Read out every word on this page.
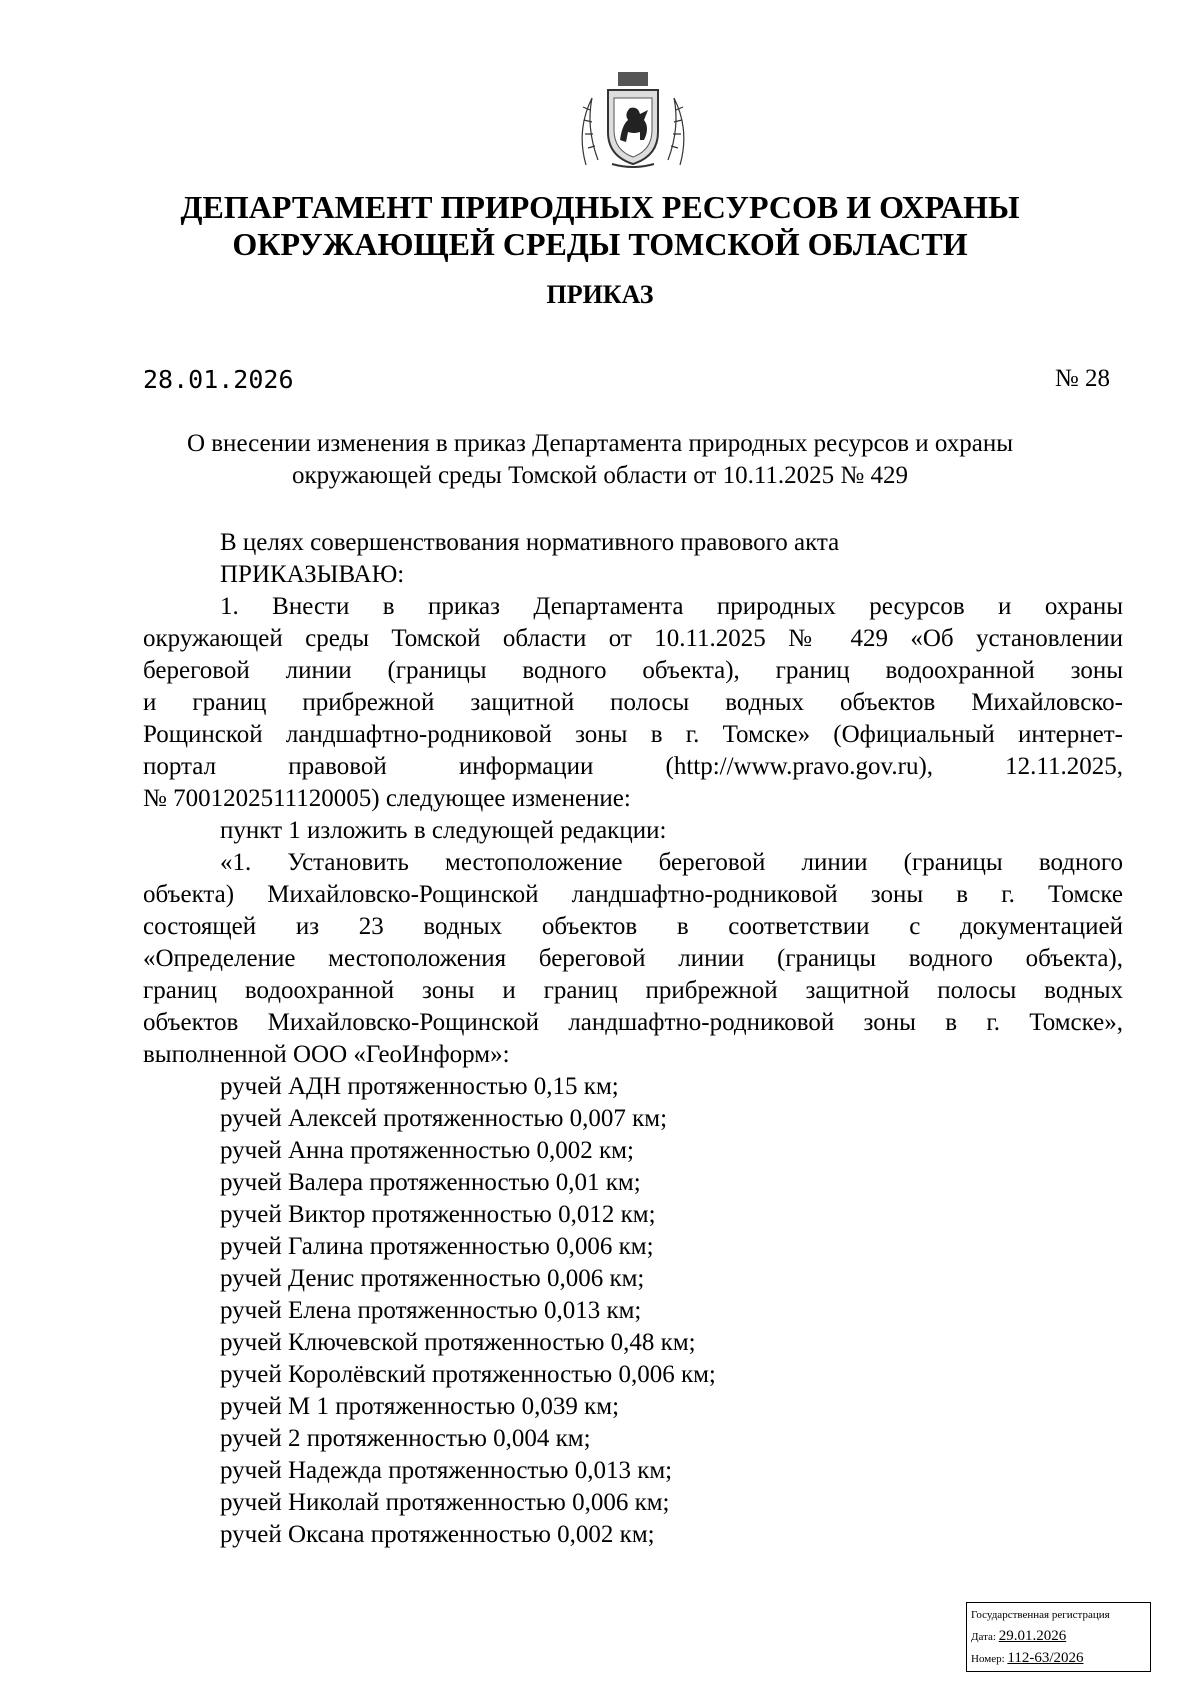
ДЕПАРТАМЕНТ ПРИРОДНЫХ РЕСУРСОВ И ОХРАНЫ
ОКРУЖАЮЩЕЙ СРЕДЫ ТОМСКОЙ ОБЛАСТИ
ПРИКАЗ
28.01.2026	№ 28
О внесении изменения в приказ Департамента природных ресурсов и охраны
окружающей среды Томской области от 10.11.2025 № 429
В целях совершенствования нормативного правового акта
ПРИКАЗЫВАЮ:
1. Внести в приказ Департамента природных ресурсов и охраны
окружающей среды Томской области от 10.11.2025 № 429 «Об установлении
береговой линии (границы водного объекта), границ водоохранной зоны
и границ прибрежной защитной полосы водных объектов Михайловско-
Рощинской ландшафтно-родниковой зоны в г. Томске» (Официальный интернет-
портал правовой информации (http://www.pravo.gov.ru), 12.11.2025,
№ 7001202511120005) следующее изменение:
пункт 1 изложить в следующей редакции:
«1. Установить местоположение береговой линии (границы водного
объекта) Михайловско-Рощинской ландшафтно-родниковой зоны в г. Томске
состоящей из 23 водных объектов в соответствии с документацией
«Определение местоположения береговой линии (границы водного объекта),
границ водоохранной зоны и границ прибрежной защитной полосы водных
объектов Михайловско-Рощинской ландшафтно-родниковой зоны в г. Томске»,
выполненной ООО «ГеоИнформ»:
ручей АДН протяженностью 0,15 км;
ручей Алексей протяженностью 0,007 км;
ручей Анна протяженностью 0,002 км;
ручей Валера протяженностью 0,01 км;
ручей Виктор протяженностью 0,012 км;
ручей Галина протяженностью 0,006 км;
ручей Денис протяженностью 0,006 км;
ручей Елена протяженностью 0,013 км;
ручей Ключевской протяженностью 0,48 км;
ручей Королёвский протяженностью 0,006 км;
ручей М 1 протяженностью 0,039 км;
ручей 2 протяженностью 0,004 км;
ручей Надежда протяженностью 0,013 км;
ручей Николай протяженностью 0,006 км;
ручей Оксана протяженностью 0,002 км;
Государственная регистрация
Дата: 29.01.2026
Номер: 112-63/2026
